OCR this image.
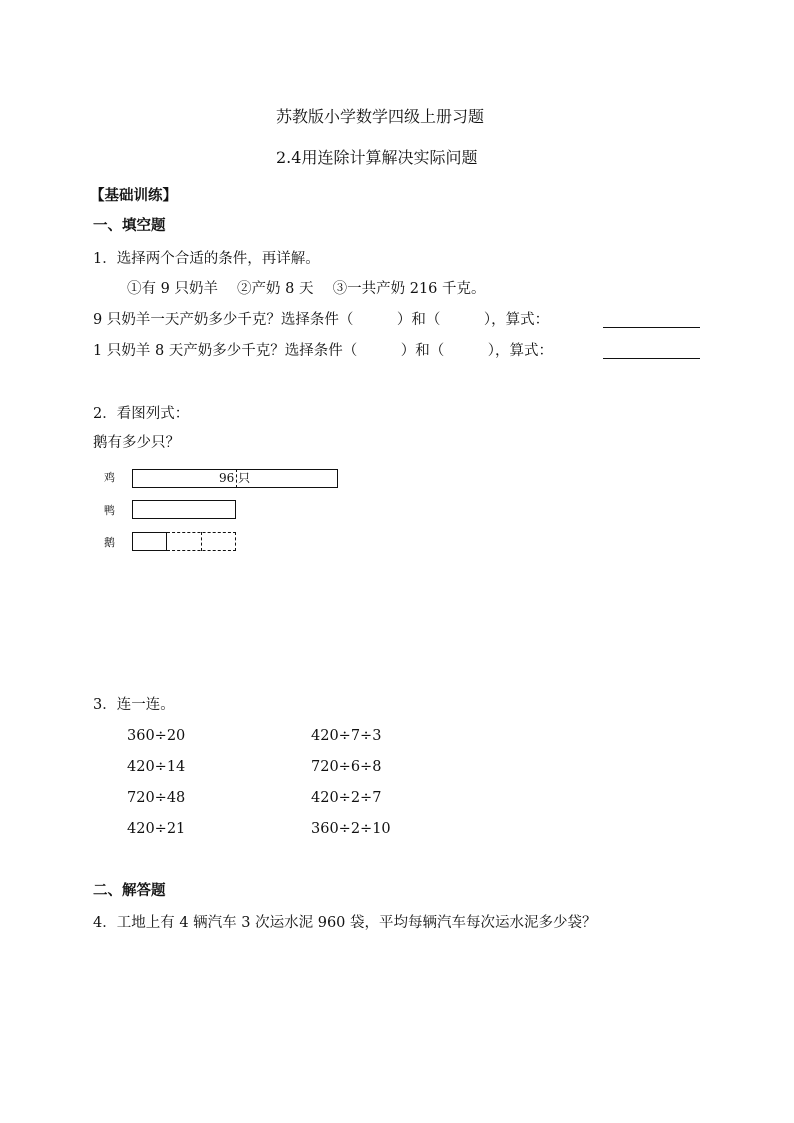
苏教版小学数学四级上册习题
2.4用连除计算解决实际问题
【基础训练】
一、填空题
1．选择两个合适的条件，再详解。
①有 9 只奶羊　 ②产奶 8 天　 ③一共产奶 216 千克。
9 只奶羊一天产奶多少千克？选择条件（　　　）和（　　　），算式：
1 只奶羊 8 天产奶多少千克？选择条件（　　　）和（　　　），算式：
2．看图列式：
鹅有多少只？
鸡	96 只
鸭
鹅
3．连一连。
360÷20
420÷14
720÷48
420÷21
420÷7÷3
720÷6÷8
420÷2÷7
360÷2÷10
二、解答题
4．工地上有 4 辆汽车 3 次运水泥 960 袋，平均每辆汽车每次运水泥多少袋？
